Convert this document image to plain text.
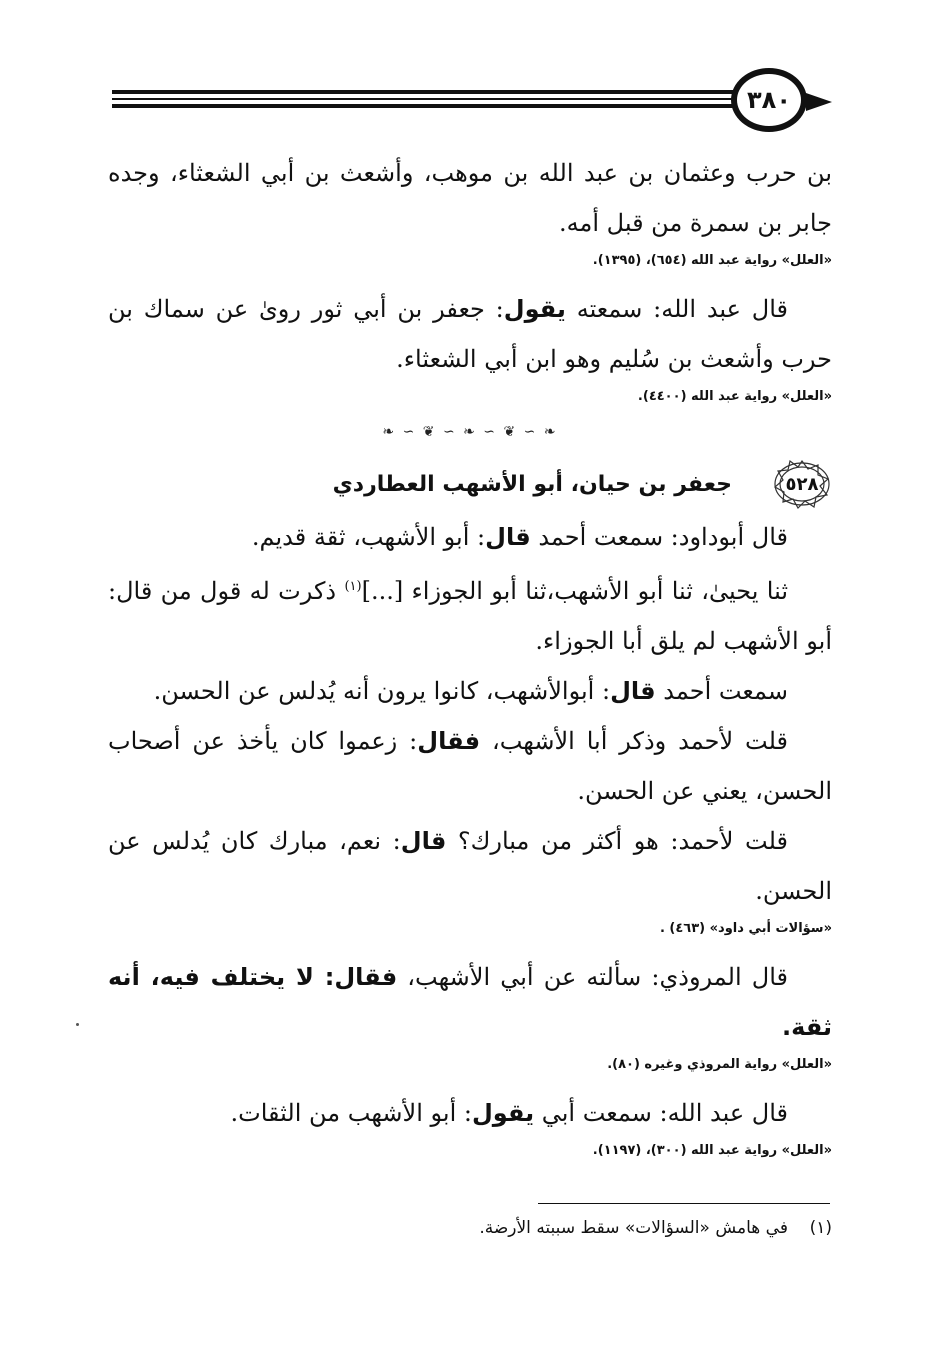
٣٨٠

بن حرب وعثمان بن عبد الله بن موهب، وأشعث بن أبي الشعثاء، وجده جابر بن سمرة من قبل أمه.

«العلل» رواية عبد الله (٦٥٤)، (١٣٩٥).

قال عبد الله: سمعته يقول: جعفر بن أبي ثور روىٰ عن سماك بن حرب وأشعث بن سُليم وهو ابن أبي الشعثاء.

«العلل» رواية عبد الله (٤٤٠٠).
❧ ∽ ❦ ∽ ❧ ∽ ❦ ∽ ❧
٥٢٨
جعفر بن حيان، أبو الأشهب العطاردي

قال أبوداود: سمعت أحمد قال: أبو الأشهب، ثقة قديم.

ثنا يحيىٰ، ثنا أبو الأشهب،ثنا أبو الجوزاء [...]$^{(١)}$ ذكرت له قول من قال: أبو الأشهب لم يلق أبا الجوزاء.

سمعت أحمد قال: أبوالأشهب، كانوا يرون أنه يُدلس عن الحسن.

قلت لأحمد وذكر أبا الأشهب، فقال: زعموا كان يأخذ عن أصحاب الحسن، يعني عن الحسن.

قلت لأحمد: هو أكثر من مبارك؟ قال: نعم، مبارك كان يُدلس عن الحسن.

«سؤالات أبي داود» (٤٦٣) .

قال المروذي: سألته عن أبي الأشهب، فقال: لا يختلف فيه، أنه ثقة.

«العلل» رواية المروذي وغيره (٨٠).

قال عبد الله: سمعت أبي يقول: أبو الأشهب من الثقات.

«العلل» رواية عبد الله (٣٠٠)، (١١٩٧).
(١)    في هامش «السؤالات» سقط سببته الأرضة.
